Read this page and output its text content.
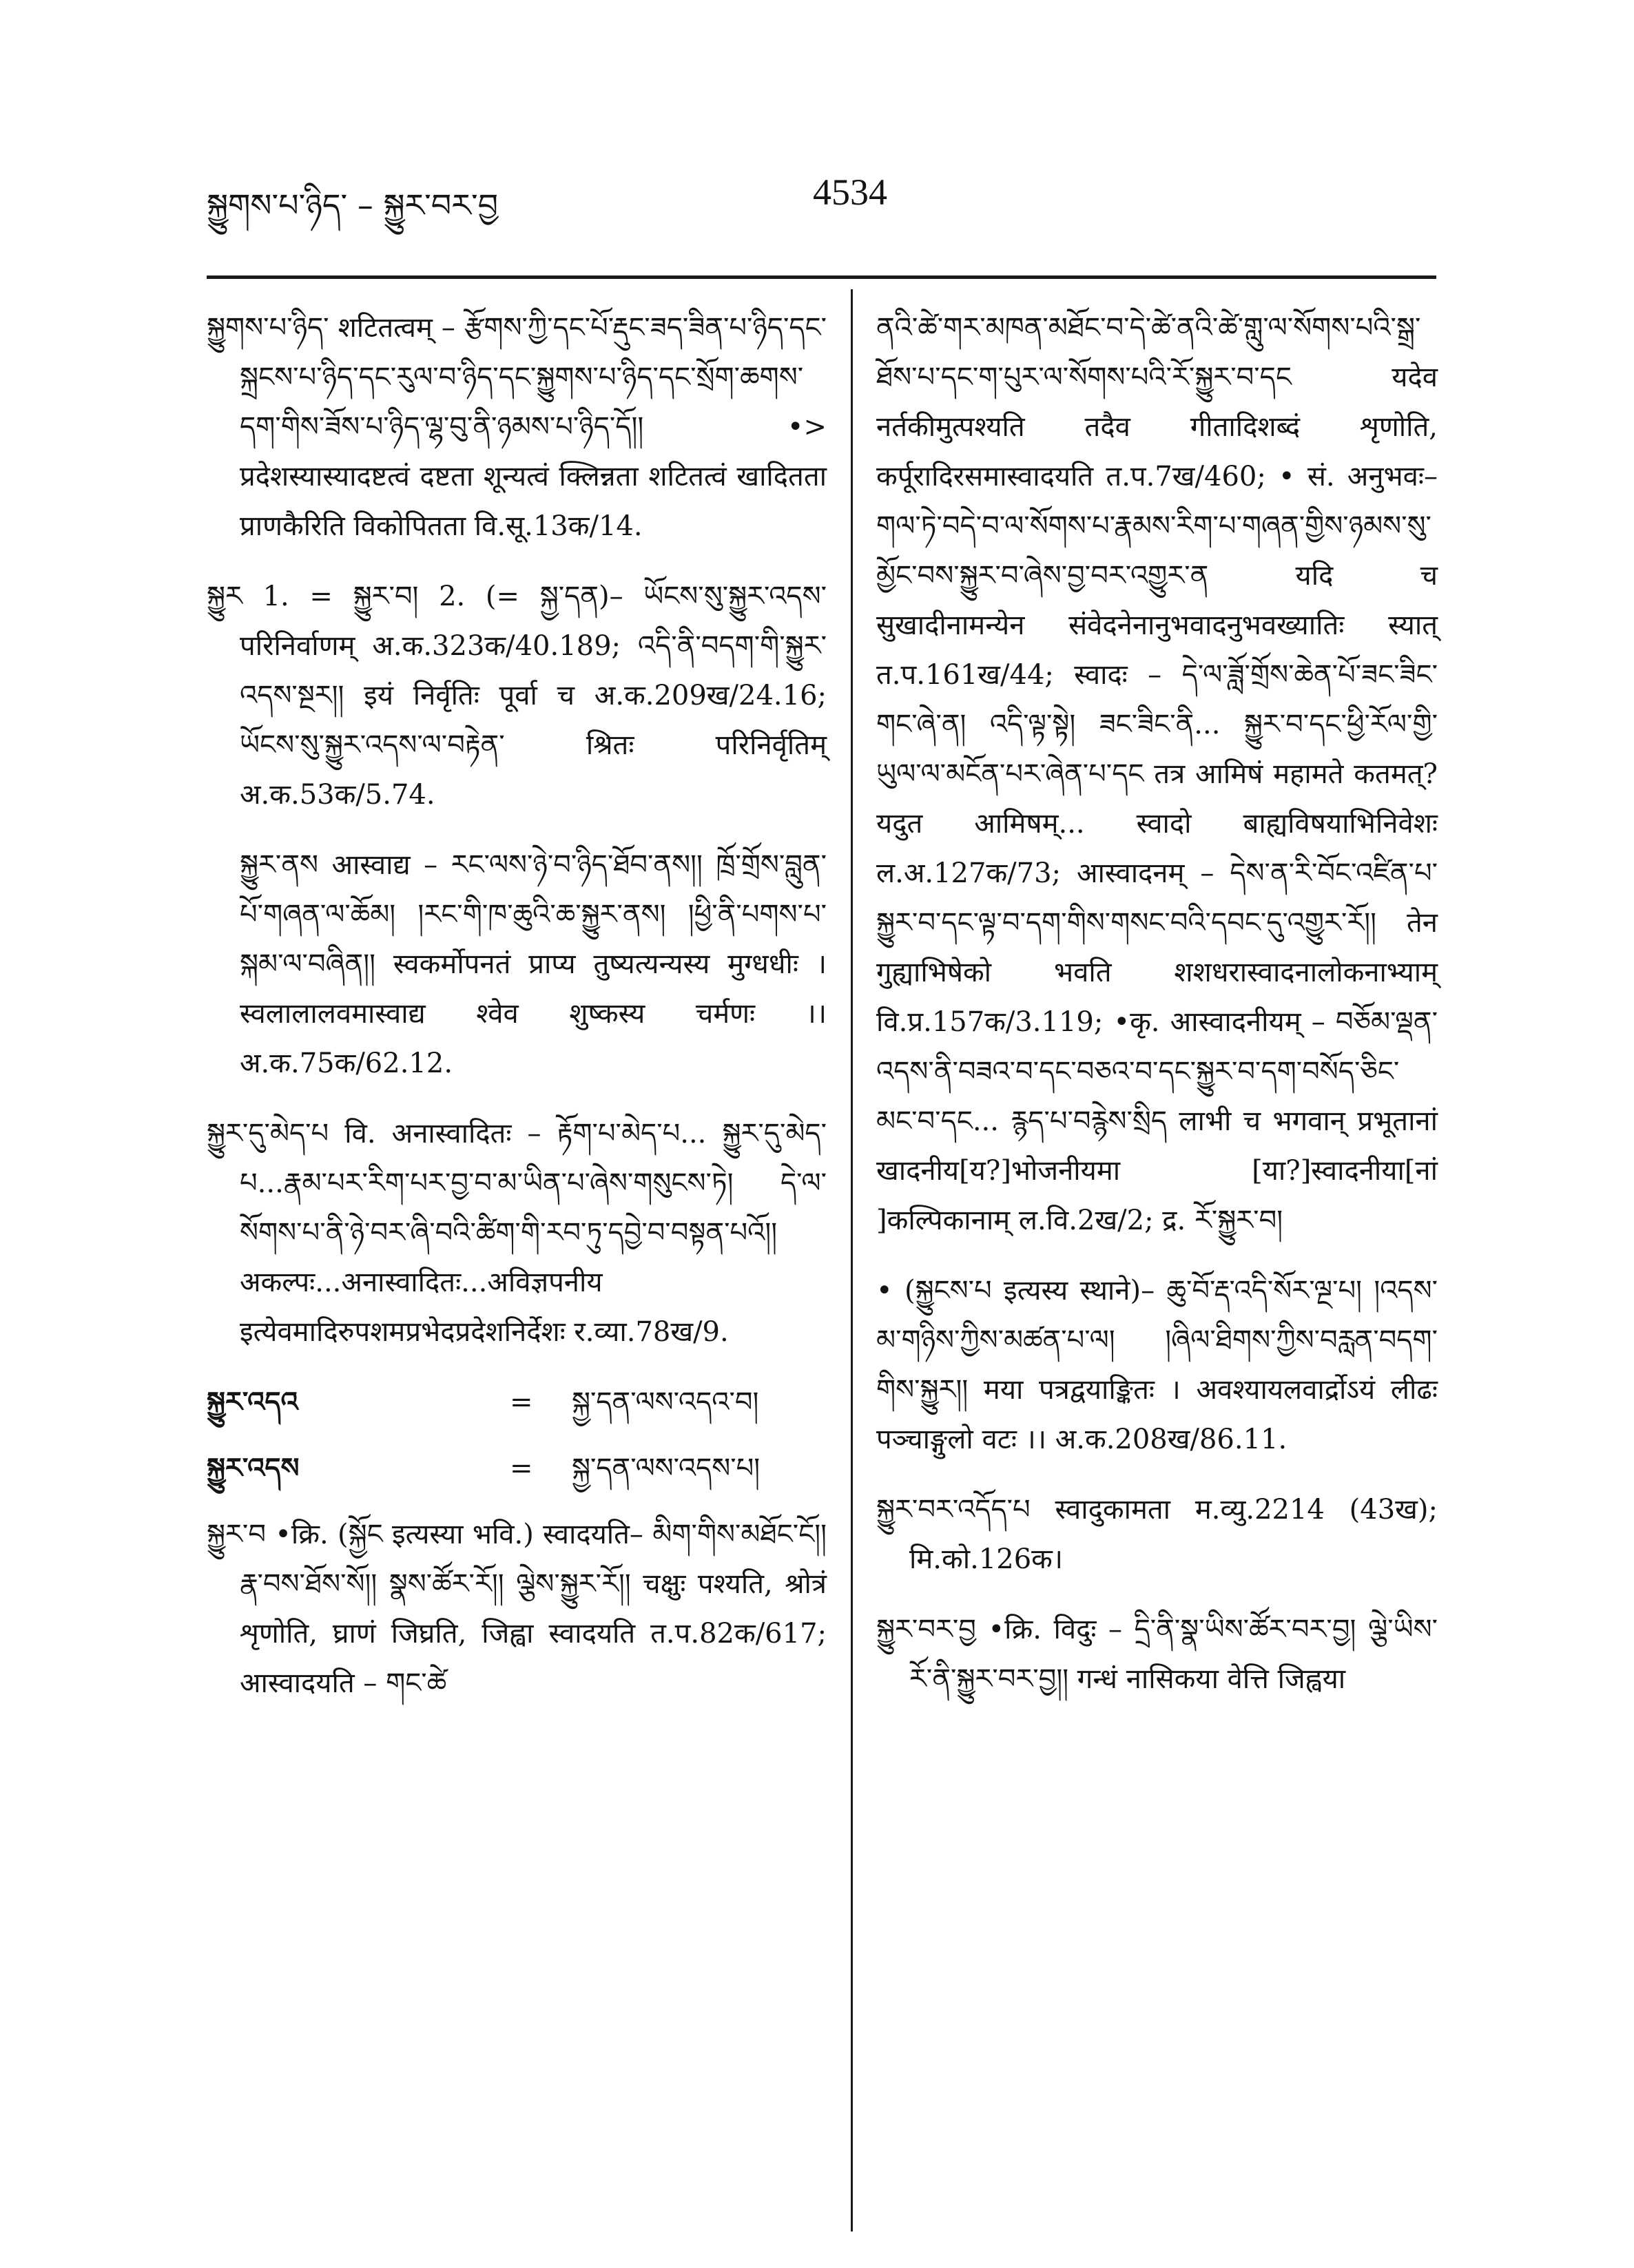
སྐྱུགས་པ་ཉིད་ – སྐྱུར་བར་བྱ	4534

སྐྱུགས་པ་ཉིད་ शटितत्वम् – རྩོགས་ཀྱི་དང་པོ་རྡུང་ཟད་ཟིན་པ་ཉིད་དང་སྐྲངས་པ་ཉིད་དང་རུལ་བ་ཉིད་དང་སྐྱུགས་པ་ཉིད་དང་སྲོག་ཆགས་དག་གིས་ཟོས་པ་ཉིད་ལྷ་བུ་ནི་ཉམས་པ་ཉིད་དོ།། •> प्रदेशस्यास्यादष्टत्वं दष्टता शून्यत्वं क्लिन्नता शटितत्वं खादितता प्राणकैरिति विकोपितता वि.सू.13क/14.

སྐྱུར 1. = སྐྱུར་བ། 2. (= སྐྱ་དན)– ཡོངས་སུ་སྐྱུར་འདས་ परिनिर्वाणम् अ.क.323क/40.189; འདི་ནི་བདག་གི་སྐྱུར་འདས་སྔར།། इयं निर्वृतिः पूर्वा च अ.क.209ख/24.16; ཡོངས་སུ་སྐྱུར་འདས་ལ་བརྟེན་ श्रितः परिनिर्वृतिम् अ.क.53क/5.74.

སྐྱུར་ནས आस्वाद्य – རང་ལས་ཉེ་བ་ཉིད་ཐོབ་ནས།། ཁྲོ་གྲོས་བླུན་པོ་གཞན་ལ་ཆོམ། །རང་གི་ཁ་ཆུའི་ཆ་སྐྱུར་ནས། །ཕྱི་ནི་པགས་པ་སྐམ་ལ་བཞིན།། स्वकर्मोपनतं प्राप्य तुष्यत्यन्यस्य मुग्धधीः । स्वलालालवमास्वाद्य श्वेव शुष्कस्य चर्मणः ।। अ.क.75क/62.12.

སྐྱུར་དུ་མེད་པ वि. अनास्वादितः – རྟོག་པ་མེད་པ... སྐྱུར་དུ་མེད་པ...རྣམ་པར་རིག་པར་བྱ་བ་མ་ཡིན་པ་ཞེས་གསུངས་ཏེ། དེ་ལ་སོགས་པ་ནི་ཉེ་བར་ཞི་བའི་ཚིག་གི་རབ་ཏུ་དབྱེ་བ་བསྟན་པའོ།། अकल्पः...अनास्वादितः...अविज्ञपनीय इत्येवमादिरुपशमप्रभेदप्रदेशनिर्देशः र.व्या.78ख/9.

སྐྱུར་འདའ	=	སྐྱ་དན་ལས་འདའ་བ།
སྐྱུར་འདས	=	སྐྱ་དན་ལས་འདས་པ།

སྐྱུར་བ •क्रि. (སྐྱོང इत्यस्या भवि.) स्वादयति– མིག་གིས་མཐོང་ངོ།། རྣ་བས་ཐོས་སོ།། སྣས་ཚོར་རོ།། ལྕེས་སྐྱུར་རོ།། चक्षुः पश्यति, श्रोत्रं शृणोति, घ्राणं जिघ्रति, जिह्वा स्वादयति त.प.82क/617; आस्वादयति – གང་ཚེ

ནའི་ཚེ་གར་མཁན་མཐོང་བ་དེ་ཚེ་ནའི་ཚེ་གླུ་ལ་སོགས་པའི་སྒྲ་ཐོས་པ་དང་ག་པུར་ལ་སོགས་པའི་རོ་སྐྱུར་བ་དང यदेव नर्तकीमुत्पश्यति तदैव गीतादिशब्दं शृणोति, कर्पूरादिरसमास्वादयति त.प.7ख/460; • सं. अनुभवः– གལ་ཏེ་བདེ་བ་ལ་སོགས་པ་རྣམས་རིག་པ་གཞན་གྱིས་ཉམས་སུ་མྱོང་བས་སྐྱུར་བ་ཞེས་བྱ་བར་འགྱུར་ན यदि च सुखादीनामन्येन संवेदनेनानुभवादनुभवख्यातिः स्यात् त.प.161ख/44; स्वादः – དེ་ལ་ཟློ་གྲོས་ཆེན་པོ་ཟང་ཟིང་གང་ཞེ་ན། འདི་ལྟ་སྟེ། ཟང་ཟིང་ནི... སྐྱུར་བ་དང་ཕྱི་རོལ་གྱི་ཡུལ་ལ་མངོན་པར་ཞེན་པ་དང तत्र आमिषं महामते कतमत्? यदुत आमिषम्... स्वादो बाह्यविषयाभिनिवेशः ल.अ.127क/73; आस्वादनम् – དེས་ན་རི་བོང་འཛིན་པ་སྐྱུར་བ་དང་ལྟ་བ་དག་གིས་གསང་བའི་དབང་དུ་འགྱུར་རོ།། तेन गुह्याभिषेको भवति शशधरास्वादनालोकनाभ्याम् वि.प्र.157क/3.119; •कृ. आस्वादनीयम् – བཅོམ་ལྡན་འདས་ནི་བཟའ་བ་དང་བཅའ་བ་དང་སྐྱུར་བ་དག་བསོད་ཅིང་མང་བ་དང... རྙད་པ་བརྙེས་སྲིད लाभी च भगवान् प्रभूतानां खादनीय[य?]भोजनीयमा [या?]स्वादनीया[नां ]कल्पिकानाम् ल.वि.2ख/2; द्र. རོ་སྐྱུར་བ།

• (སྐྱུངས་པ इत्यस्य स्थाने)– ཆུ་བོ་རྡ་འདི་སོར་ལྔ་པ། །འདས་མ་གཉིས་ཀྱིས་མཚན་པ་ལ། །ཞིལ་ཐིགས་ཀྱིས་བརླན་བདག་གིས་སྐྱུར།། मया पत्रद्वयाङ्कितः । अवश्यायलवार्द्रोऽयं लीढः पञ्चाङ्गुलो वटः ।। अ.क.208ख/86.11.

སྐྱུར་བར་འདོད་པ स्वादुकामता म.व्यु.2214 (43ख); मि.को.126क।

སྐྱུར་བར་བྱ •क्रि. विदुः – དྲི་ནི་སྣ་ཡིས་ཚོར་བར་བྱ། ལྕེ་ཡིས་རོ་ནི་སྐྱུར་བར་བྱ།། गन्धं नासिकया वेत्ति जिह्वया
